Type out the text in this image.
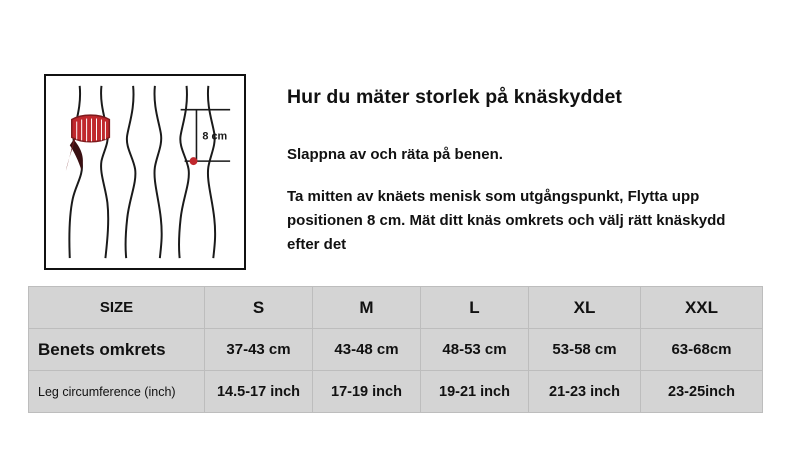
8 cm
Hur du mäter storlek på knäskyddet

Slappna av och räta på benen.

Ta mitten av knäets menisk som utgångspunkt, Flytta upp positionen 8 cm. Mät ditt knäs omkrets och välj rätt knäskydd efter det

SIZE	S	M	L	XL	XXL
Benets omkrets	37-43 cm	43-48 cm	48-53 cm	53-58 cm	63-68cm
Leg circumference (inch)	14.5-17 inch	17-19 inch	19-21 inch	21-23 inch	23-25inch
